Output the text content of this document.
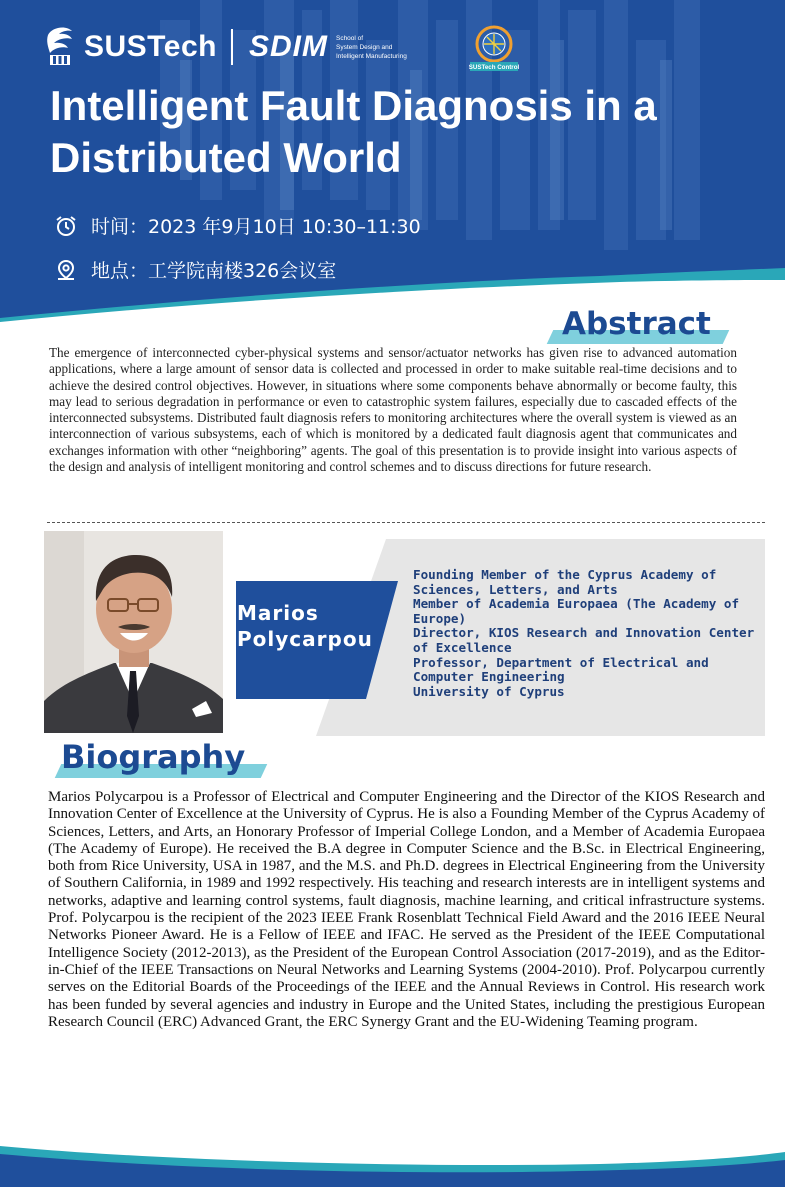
SUSTech SDIM School of
System Design and
Intelligent Manufacturing
SUSTech Control
Intelligent Fault Diagnosis in a Distributed World
时间：2023 年9月10日 10:30–11:30
地点：工学院南楼326会议室
Abstract

The emergence of interconnected cyber-physical systems and sensor/actuator networks has given rise to advanced automation applications, where a large amount of sensor data is collected and processed in order to make suitable real-time decisions and to achieve the desired control objectives. However, in situations where some components behave abnormally or become faulty, this may lead to serious degradation in performance or even to catastrophic system failures, especially due to cascaded effects of the interconnected subsystems. Distributed fault diagnosis refers to monitoring architectures where the overall system is viewed as an interconnection of various subsystems, each of which is monitored by a dedicated fault diagnosis agent that communicates and exchanges information with other “neighboring” agents. The goal of this presentation is to provide insight into various aspects of the design and analysis of intelligent monitoring and control schemes and to discuss directions for future research.

Marios
Polycarpou

Founding Member of the Cyprus Academy of Sciences, Letters, and Arts
Member of Academia Europaea (The Academy of Europe)
Director, KIOS Research and Innovation Center of Excellence
Professor, Department of Electrical and Computer Engineering
University of Cyprus
Biography

Marios Polycarpou is a Professor of Electrical and Computer Engineering and the Director of the KIOS Research and Innovation Center of Excellence at the University of Cyprus. He is also a Founding Member of the Cyprus Academy of Sciences, Letters, and Arts, an Honorary Professor of Imperial College London, and a Member of Academia Europaea (The Academy of Europe). He received the B.A degree in Computer Science and the B.Sc. in Electrical Engineering, both from Rice University, USA in 1987, and the M.S. and Ph.D. degrees in Electrical Engineering from the University of Southern California, in 1989 and 1992 respectively. His teaching and research interests are in intelligent systems and networks, adaptive and learning control systems, fault diagnosis, machine learning, and critical infrastructure systems. Prof. Polycarpou is the recipient of the 2023 IEEE Frank Rosenblatt Technical Field Award and the 2016 IEEE Neural Networks Pioneer Award. He is a Fellow of IEEE and IFAC. He served as the President of the IEEE Computational Intelligence Society (2012-2013), as the President of the European Control Association (2017-2019), and as the Editor-in-Chief of the IEEE Transactions on Neural Networks and Learning Systems (2004-2010). Prof. Polycarpou currently serves on the Editorial Boards of the Proceedings of the IEEE and the Annual Reviews in Control. His research work has been funded by several agencies and industry in Europe and the United States, including the prestigious European Research Council (ERC) Advanced Grant, the ERC Synergy Grant and the EU-Widening Teaming program.
